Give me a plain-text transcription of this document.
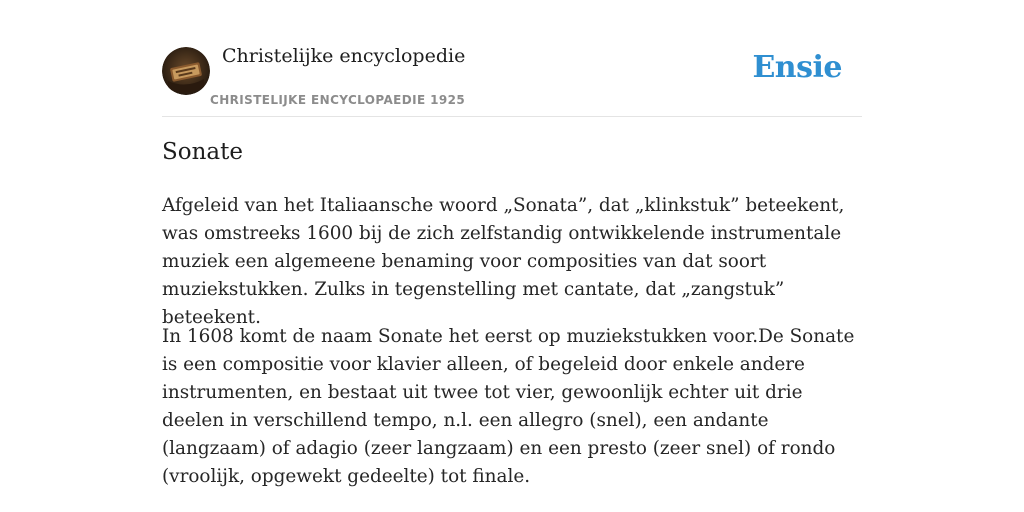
Christelijke encyclopedie
CHRISTELIJKE ENCYCLOPAEDIE 1925
Ensie
Sonate

Afgeleid van het Italiaansche woord „Sonata”, dat „klinkstuk” beteekent, was omstreeks 1600 bij de zich zelfstandig ontwikkelende instrumentale muziek een algemeene benaming voor composities van dat soort muziekstukken. Zulks in tegenstelling met cantate, dat „zangstuk” beteekent.

In 1608 komt de naam Sonate het eerst op muziekstukken voor.De Sonate is een compositie voor klavier alleen, of begeleid door enkele andere instrumenten, en bestaat uit twee tot vier, gewoonlijk echter uit drie deelen in verschillend tempo, n.l. een allegro (snel), een andante (langzaam) of adagio (zeer langzaam) en een presto (zeer snel) of rondo (vroolijk, opgewekt gedeelte) tot finale.
